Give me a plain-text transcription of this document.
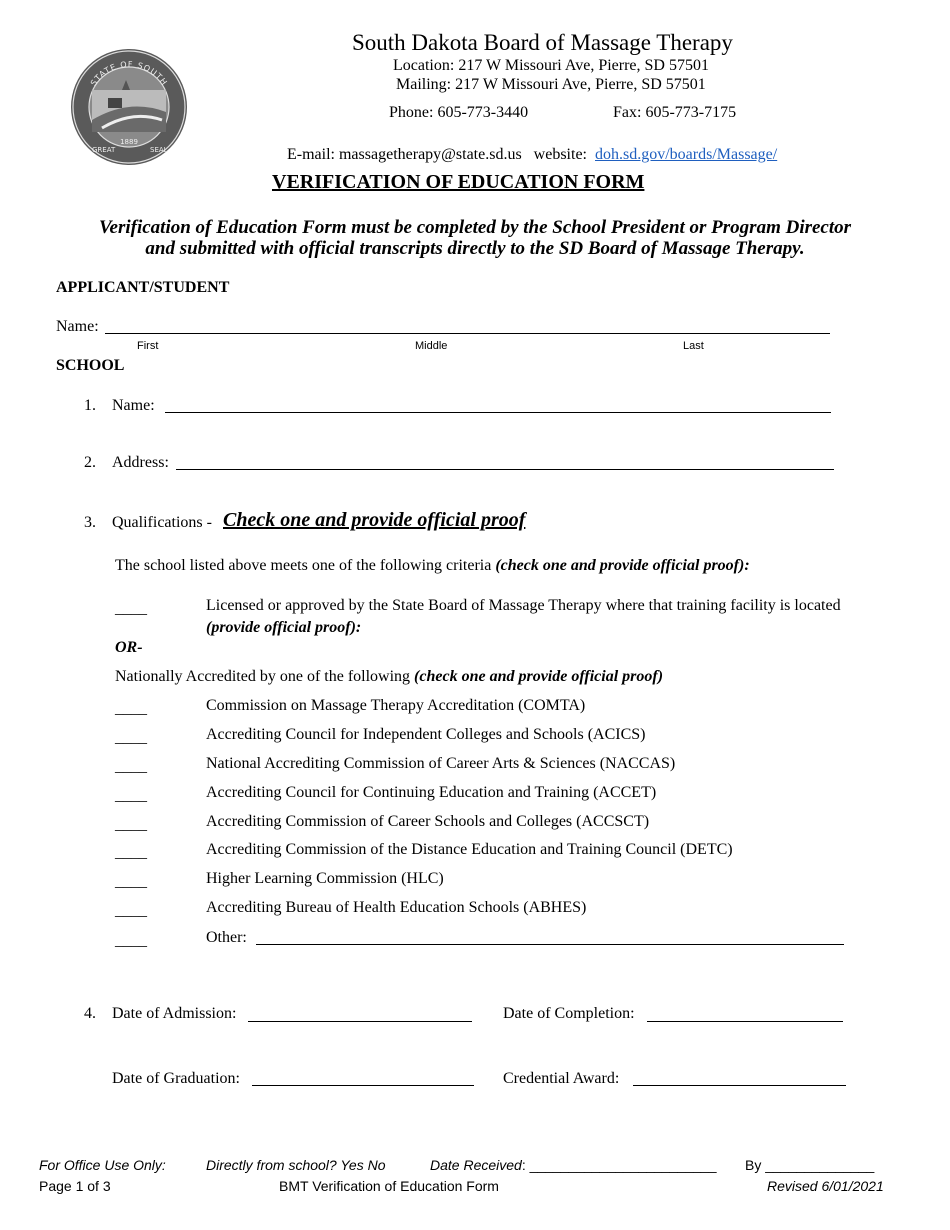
STATE OF SOUTH
GREAT	SEAL
1889
South Dakota Board of Massage Therapy
Location: 217 W Missouri Ave, Pierre, SD 57501
Mailing: 217 W Missouri Ave, Pierre, SD 57501
Phone: 605-773-3440	Fax: 605-773-7175
E-mail: massagetherapy@state.sd.us website: doh.sd.gov/boards/Massage/
VERIFICATION OF EDUCATION FORM
Verification of Education Form must be completed by the School President or Program Director
and submitted with official transcripts directly to the SD Board of Massage Therapy.
APPLICANT/STUDENT
Name:
First	Middle	Last
SCHOOL
1. Name:
2. Address:
3. Qualifications - Check one and provide official proof
The school listed above meets one of the following criteria (check one and provide official proof):
____	Licensed or approved by the State Board of Massage Therapy where that training facility is located
(provide official proof):
OR-
Nationally Accredited by one of the following (check one and provide official proof)
____	Commission on Massage Therapy Accreditation (COMTA)
____	Accrediting Council for Independent Colleges and Schools (ACICS)
____	National Accrediting Commission of Career Arts & Sciences (NACCAS)
____	Accrediting Council for Continuing Education and Training (ACCET)
____	Accrediting Commission of Career Schools and Colleges (ACCSCT)
____	Accrediting Commission of the Distance Education and Training Council (DETC)
____	Higher Learning Commission (HLC)
____	Accrediting Bureau of Health Education Schools (ABHES)
____	Other:
4. Date of Admission:	Date of Completion:
Date of Graduation:	Credential Award:
For Office Use Only:	Directly from school? Yes No	Date Received: ________________________ By ______________
Page 1 of 3	BMT Verification of Education Form	Revised 6/01/2021
